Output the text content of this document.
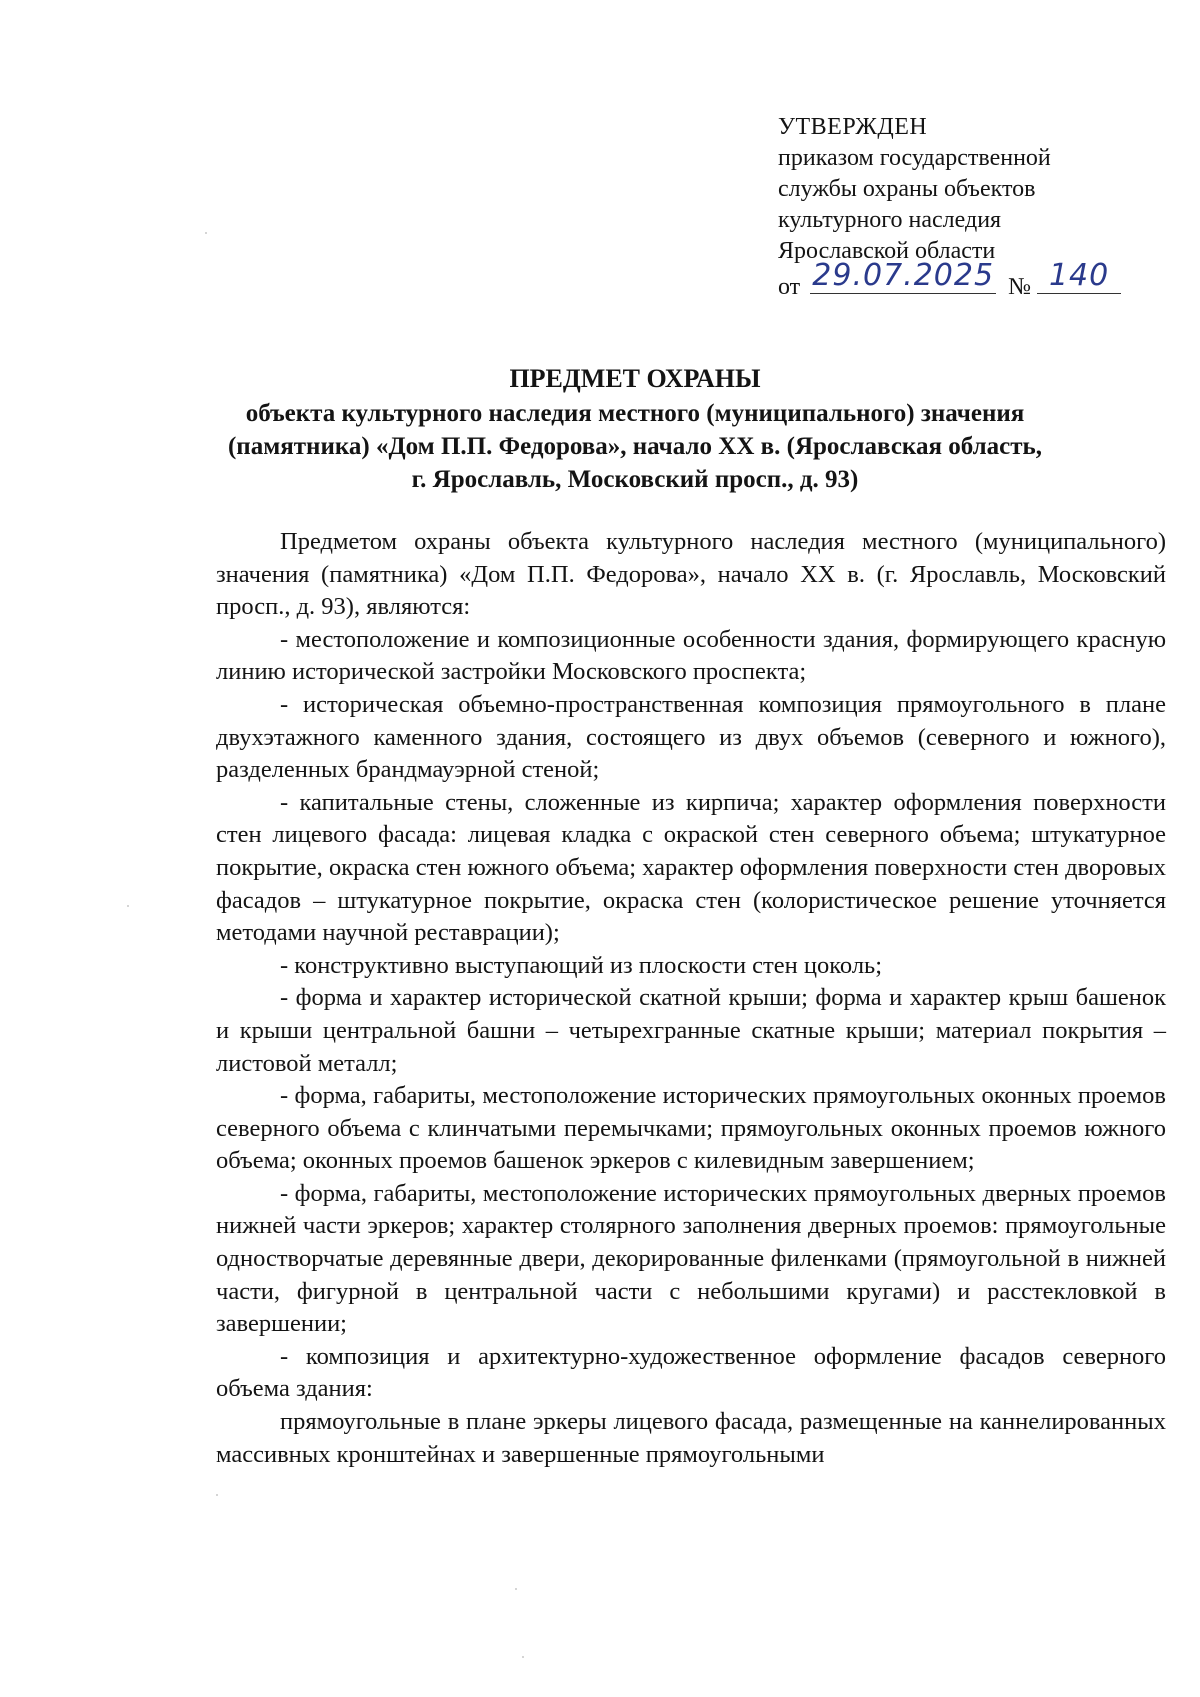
УТВЕРЖДЕН
приказом государственной
службы охраны объектов
культурного наследия
Ярославской области
от 29.07.2025 № 140
ПРЕДМЕТ ОХРАНЫ
объекта культурного наследия местного (муниципального) значения
(памятника) «Дом П.П. Федорова», начало XX в. (Ярославская область,
г. Ярославль, Московский просп., д. 93)

Предметом охраны объекта культурного наследия местного (муниципального) значения (памятника) «Дом П.П. Федорова», начало XX в. (г. Ярославль, Московский просп., д. 93), являются:

- местоположение и композиционные особенности здания, формирующего красную линию исторической застройки Московского проспекта;

- историческая объемно-пространственная композиция прямоугольного в плане двухэтажного каменного здания, состоящего из двух объемов (северного и южного), разделенных брандмауэрной стеной;

- капитальные стены, сложенные из кирпича; характер оформления поверхности стен лицевого фасада: лицевая кладка с окраской стен северного объема; штукатурное покрытие, окраска стен южного объема; характер оформления поверхности стен дворовых фасадов – штукатурное покрытие, окраска стен (колористическое решение уточняется методами научной реставрации);

- конструктивно выступающий из плоскости стен цоколь;

- форма и характер исторической скатной крыши; форма и характер крыш башенок и крыши центральной башни – четырехгранные скатные крыши; материал покрытия – листовой металл;

- форма, габариты, местоположение исторических прямоугольных оконных проемов северного объема с клинчатыми перемычками; прямоугольных оконных проемов южного объема; оконных проемов башенок эркеров с килевидным завершением;

- форма, габариты, местоположение исторических прямоугольных дверных проемов нижней части эркеров; характер столярного заполнения дверных проемов: прямоугольные одностворчатые деревянные двери, декорированные филенками (прямоугольной в нижней части, фигурной в центральной части с небольшими кругами) и расстекловкой в завершении;

- композиция и архитектурно-художественное оформление фасадов северного объема здания:

прямоугольные в плане эркеры лицевого фасада, размещенные на каннелированных массивных кронштейнах и завершенные прямоугольными
